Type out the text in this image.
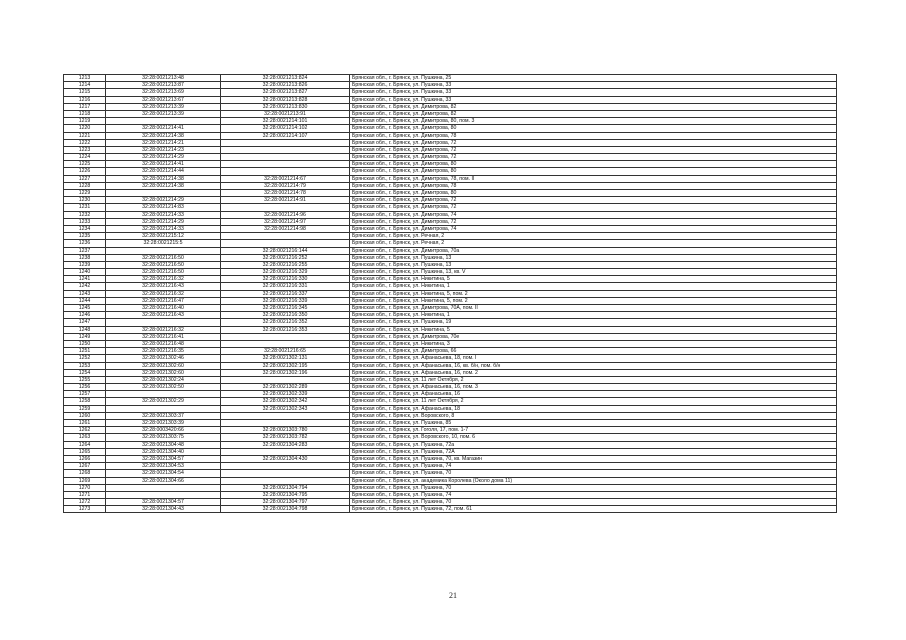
1213	32:28:0021213:48	32:28:0021213:824	Брянская обл., г. Брянск, ул. Пушкина, 25
1214	32:28:0021213:87	32:28:0021213:826	Брянская обл., г. Брянск, ул. Пушкина, 33
1215	32:28:0021213:69	32:28:0021213:827	Брянская обл., г. Брянск, ул. Пушкина, 33
1216	32:28:0021213:67	32:28:0021213:828	Брянская обл., г. Брянск, ул. Пушкина, 33
1217	32:28:0021213:39	32:28:0021213:830	Брянская обл., г. Брянск, ул. Димитрова, 82
1218	32:28:0021213:39	32:28:0021213:91	Брянская обл., г. Брянск, ул. Димитрова, 82
1219		32:28:0021214:101	Брянская обл., г. Брянск, ул. Димитрова, 80, пом. 3
1220	32:28:0021214:41	32:28:0021214:102	Брянская обл., г. Брянск, ул. Димитрова, 80
1221	32:28:0021214:38	32:28:0021214:107	Брянская обл., г. Брянск, ул. Димитрова, 78
1222	32:28:0021214:21		Брянская обл., г. Брянск, ул. Димитрова, 72
1223	32:28:0021214:23		Брянская обл., г. Брянск, ул. Димитрова, 72
1224	32:28:0021214:29		Брянская обл., г. Брянск, ул. Димитрова, 72
1225	32:28:0021214:41		Брянская обл., г. Брянск, ул. Димитрова, 80
1226	32:28:0021214:44		Брянская обл., г. Брянск, ул. Димитрова, 80
1227	32:28:0021214:38	32:28:0021214:67	Брянская обл., г. Брянск, ул. Димитрова, 78, пом. II
1228	32:28:0021214:38	32:28:0021214:79	Брянская обл., г. Брянск, ул. Димитрова, 78
1229		32:28:0021214:78	Брянская обл., г. Брянск, ул. Димитрова, 80
1230	32:28:0021214:29	32:28:0021214:91	Брянская обл., г. Брянск, ул. Димитрова, 72
1231	32:28:0021214:83		Брянская обл., г. Брянск, ул. Димитрова, 72
1232	32:28:0021214:33	32:28:0021214:96	Брянская обл., г. Брянск, ул. Димитрова, 74
1233	32:28:0021214:29	32:28:0021214:97	Брянская обл., г. Брянск, ул. Димитрова, 72
1234	32:28:0021214:33	32:28:0021214:98	Брянская обл., г. Брянск, ул. Димитрова, 74
1235	32:28:0021215:12		Брянская обл., г. Брянск, ул. Речная, 2
1236	32:28:0021215:5		Брянская обл., г. Брянск, ул. Речная, 2
1237		32:28:0021216:144	Брянская обл., г. Брянск, ул. Димитрова, 70а
1238	32:28:0021216:50	32:28:0021216:252	Брянская обл., г. Брянск, ул. Пушкина, 13
1239	32:28:0021216:50	32:28:0021216:255	Брянская обл., г. Брянск, ул. Пушкина, 13
1240	32:28:0021216:50	32:28:0021216:329	Брянская обл., г. Брянск, ул. Пушкина, 13, кв. V
1241	32:28:0021216:32	32:28:0021216:330	Брянская обл., г. Брянск, ул. Никитина, 5
1242	32:28:0021216:43	32:28:0021216:331	Брянская обл., г. Брянск, ул. Никитина, 1
1243	32:28:0021216:32	32:28:0021216:337	Брянская обл., г. Брянск, ул. Никитина, 5, пом. 2
1244	32:28:0021216:47	32:28:0021216:339	Брянская обл., г. Брянск, ул. Никитина, 5, пом. 2
1245	32:28:0021216:40	32:28:0021216:345	Брянская обл., г. Брянск, ул. Димитрова, 70А, пом. II
1246	32:28:0021216:43	32:28:0021216:350	Брянская обл., г. Брянск, ул. Никитина, 1
1247		32:28:0021216:352	Брянская обл., г. Брянск, ул. Пушкина, 19
1248	32:28:0021216:32	32:28:0021216:353	Брянская обл., г. Брянск, ул. Никитина, 5
1249	32:28:0021216:41		Брянская обл., г. Брянск, ул. Димитрова, 70е
1250	32:28:0021216:48		Брянская обл., г. Брянск, ул. Никитина, 3
1251	32:28:0021216:35	32:28:0021216:65	Брянская обл., г. Брянск, ул. Димитрова, 66
1252	32:28:0021302:46	32:28:0021302:131	Брянская обл., г. Брянск, ул. Афанасьева, 18, пом. I
1253	32:28:0021302:60	32:28:0021302:195	Брянская обл., г. Брянск, ул. Афанасьева, 16, кв. б/н, пом. б/н
1254	32:28:0021302:60	32:28:0021302:196	Брянская обл., г. Брянск, ул. Афанасьева, 16, пом. 2
1255	32:28:0021302:24		Брянская обл., г. Брянск, ул. 11 лет Октября, 2
1256	32:28:0021302:50	32:28:0021302:289	Брянская обл., г. Брянск, ул. Афанасьева, 16, пом. 3
1257		32:28:0021302:339	Брянская обл., г. Брянск, ул. Афанасьева, 16
1258	32:28:0021302:29	32:28:0021302:342	Брянская обл., г. Брянск, ул. 11 лет Октября, 2
1259		32:28:0021302:343	Брянская обл., г. Брянск, ул. Афанасьева, 18
1260	32:28:0021303:37		Брянская обл., г. Брянск, ул. Воровского, 8
1261	32:28:0021303:39		Брянская обл., г. Брянск, ул. Пушкина, 85
1262	32:28:0003420:66	32:28:0021303:780	Брянская обл., г. Брянск, ул. Гоголя, 17, пом. 1-7
1263	32:28:0021303:75	32:28:0021303:782	Брянская обл., г. Брянск, ул. Воровского, 10, пом. 6
1264	32:28:0021304:48	32:28:0021304:283	Брянская обл., г. Брянск, ул. Пушкина, 72а
1265	32:28:0021304:40		Брянская обл., г. Брянск, ул. Пушкина, 72А
1266	32:28:0021304:57	32:28:0021304:430	Брянская обл., г. Брянск, ул. Пушкина, 70, кв. Магазин
1267	32:28:0021304:53		Брянская обл., г. Брянск, ул. Пушкина, 74
1268	32:28:0021304:54		Брянская обл., г. Брянск, ул. Пушкина, 70
1269	32:28:0021304:66		Брянская обл., г. Брянск, ул. академика Королева (Около дома 11)
1270		32:28:0021304:794	Брянская обл., г. Брянск, ул. Пушкина, 70
1271		32:28:0021304:795	Брянская обл., г. Брянск, ул. Пушкина, 74
1272	32:28:0021304:57	32:28:0021304:797	Брянская обл., г. Брянск, ул. Пушкина, 70
1273	32:28:0021304:43	32:28:0021304:798	Брянская обл., г. Брянск, ул. Пушкина, 72, пом. 61
21
